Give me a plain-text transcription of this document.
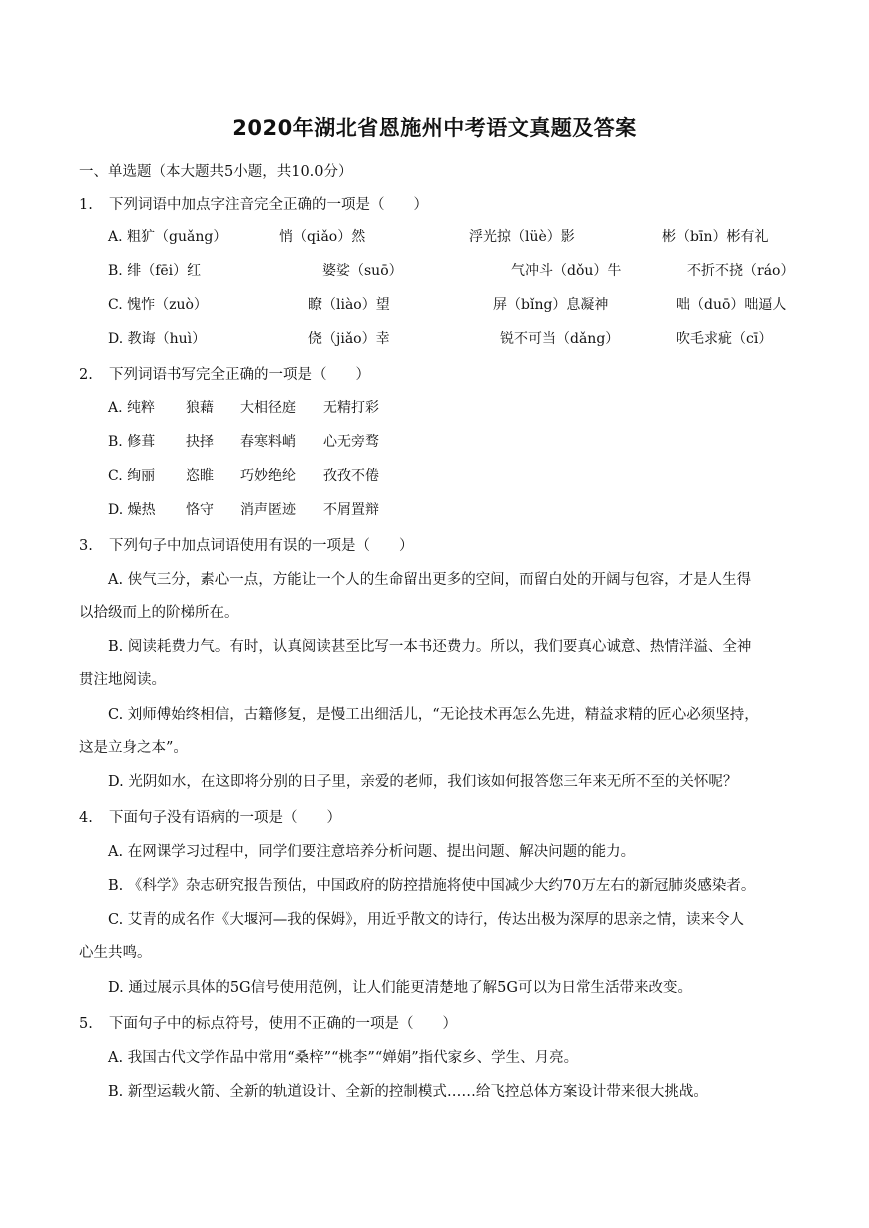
2020年湖北省恩施州中考语文真题及答案
一、单选题（本大题共5小题，共10.0分）
1. 下列词语中加点字注音完全正确的一项是（　　）
A. 粗犷（guǎng）	悄（qiǎo）然	浮光掠（lüè）影	彬（bīn）彬有礼
B. 绯（fēi）红	婆娑（suō）	气冲斗（dǒu）牛	不折不挠（ráo）
C. 愧怍（zuò）	瞭（liào）望	屏（bǐng）息凝神	咄（duō）咄逼人
D. 教诲（huì）	侥（jiǎo）幸	锐不可当（dǎng）	吹毛求疵（cī）
2. 下列词语书写完全正确的一项是（　　）
A. 纯粹 狼藉 大相径庭 无精打彩
B. 修葺 抉择 春寒料峭 心无旁骛
C. 绚丽 恣睢 巧妙绝纶 孜孜不倦
D. 燥热 恪守 消声匿迹 不屑置辩
3. 下列句子中加点词语使用有误的一项是（　　）
A. 侠气三分，素心一点，方能让一个人的生命留出更多的空间，而留白处的开阔与包容，才是人生得
以拾级而上的阶梯所在。
B. 阅读耗费力气。有时，认真阅读甚至比写一本书还费力。所以，我们要真心诚意、热情洋溢、全神
贯注地阅读。
C. 刘师傅始终相信，古籍修复，是慢工出细活儿，“无论技术再怎么先进，精益求精的匠心必须坚持，
这是立身之本”。
D. 光阴如水，在这即将分别的日子里，亲爱的老师，我们该如何报答您三年来无所不至的关怀呢？
4. 下面句子没有语病的一项是（　　）
A. 在网课学习过程中，同学们要注意培养分析问题、提出问题、解决问题的能力。
B. 《科学》杂志研究报告预估，中国政府的防控措施将使中国减少大约70万左右的新冠肺炎感染者。
C. 艾青的成名作《大堰河—我的保姆》，用近乎散文的诗行，传达出极为深厚的思亲之情，读来令人
心生共鸣。
D. 通过展示具体的5G信号使用范例，让人们能更清楚地了解5G可以为日常生活带来改变。
5. 下面句子中的标点符号，使用不正确的一项是（　　）
A. 我国古代文学作品中常用“桑梓”“桃李”“婵娟”指代家乡、学生、月亮。
B. 新型运载火箭、全新的轨道设计、全新的控制模式……给飞控总体方案设计带来很大挑战。
